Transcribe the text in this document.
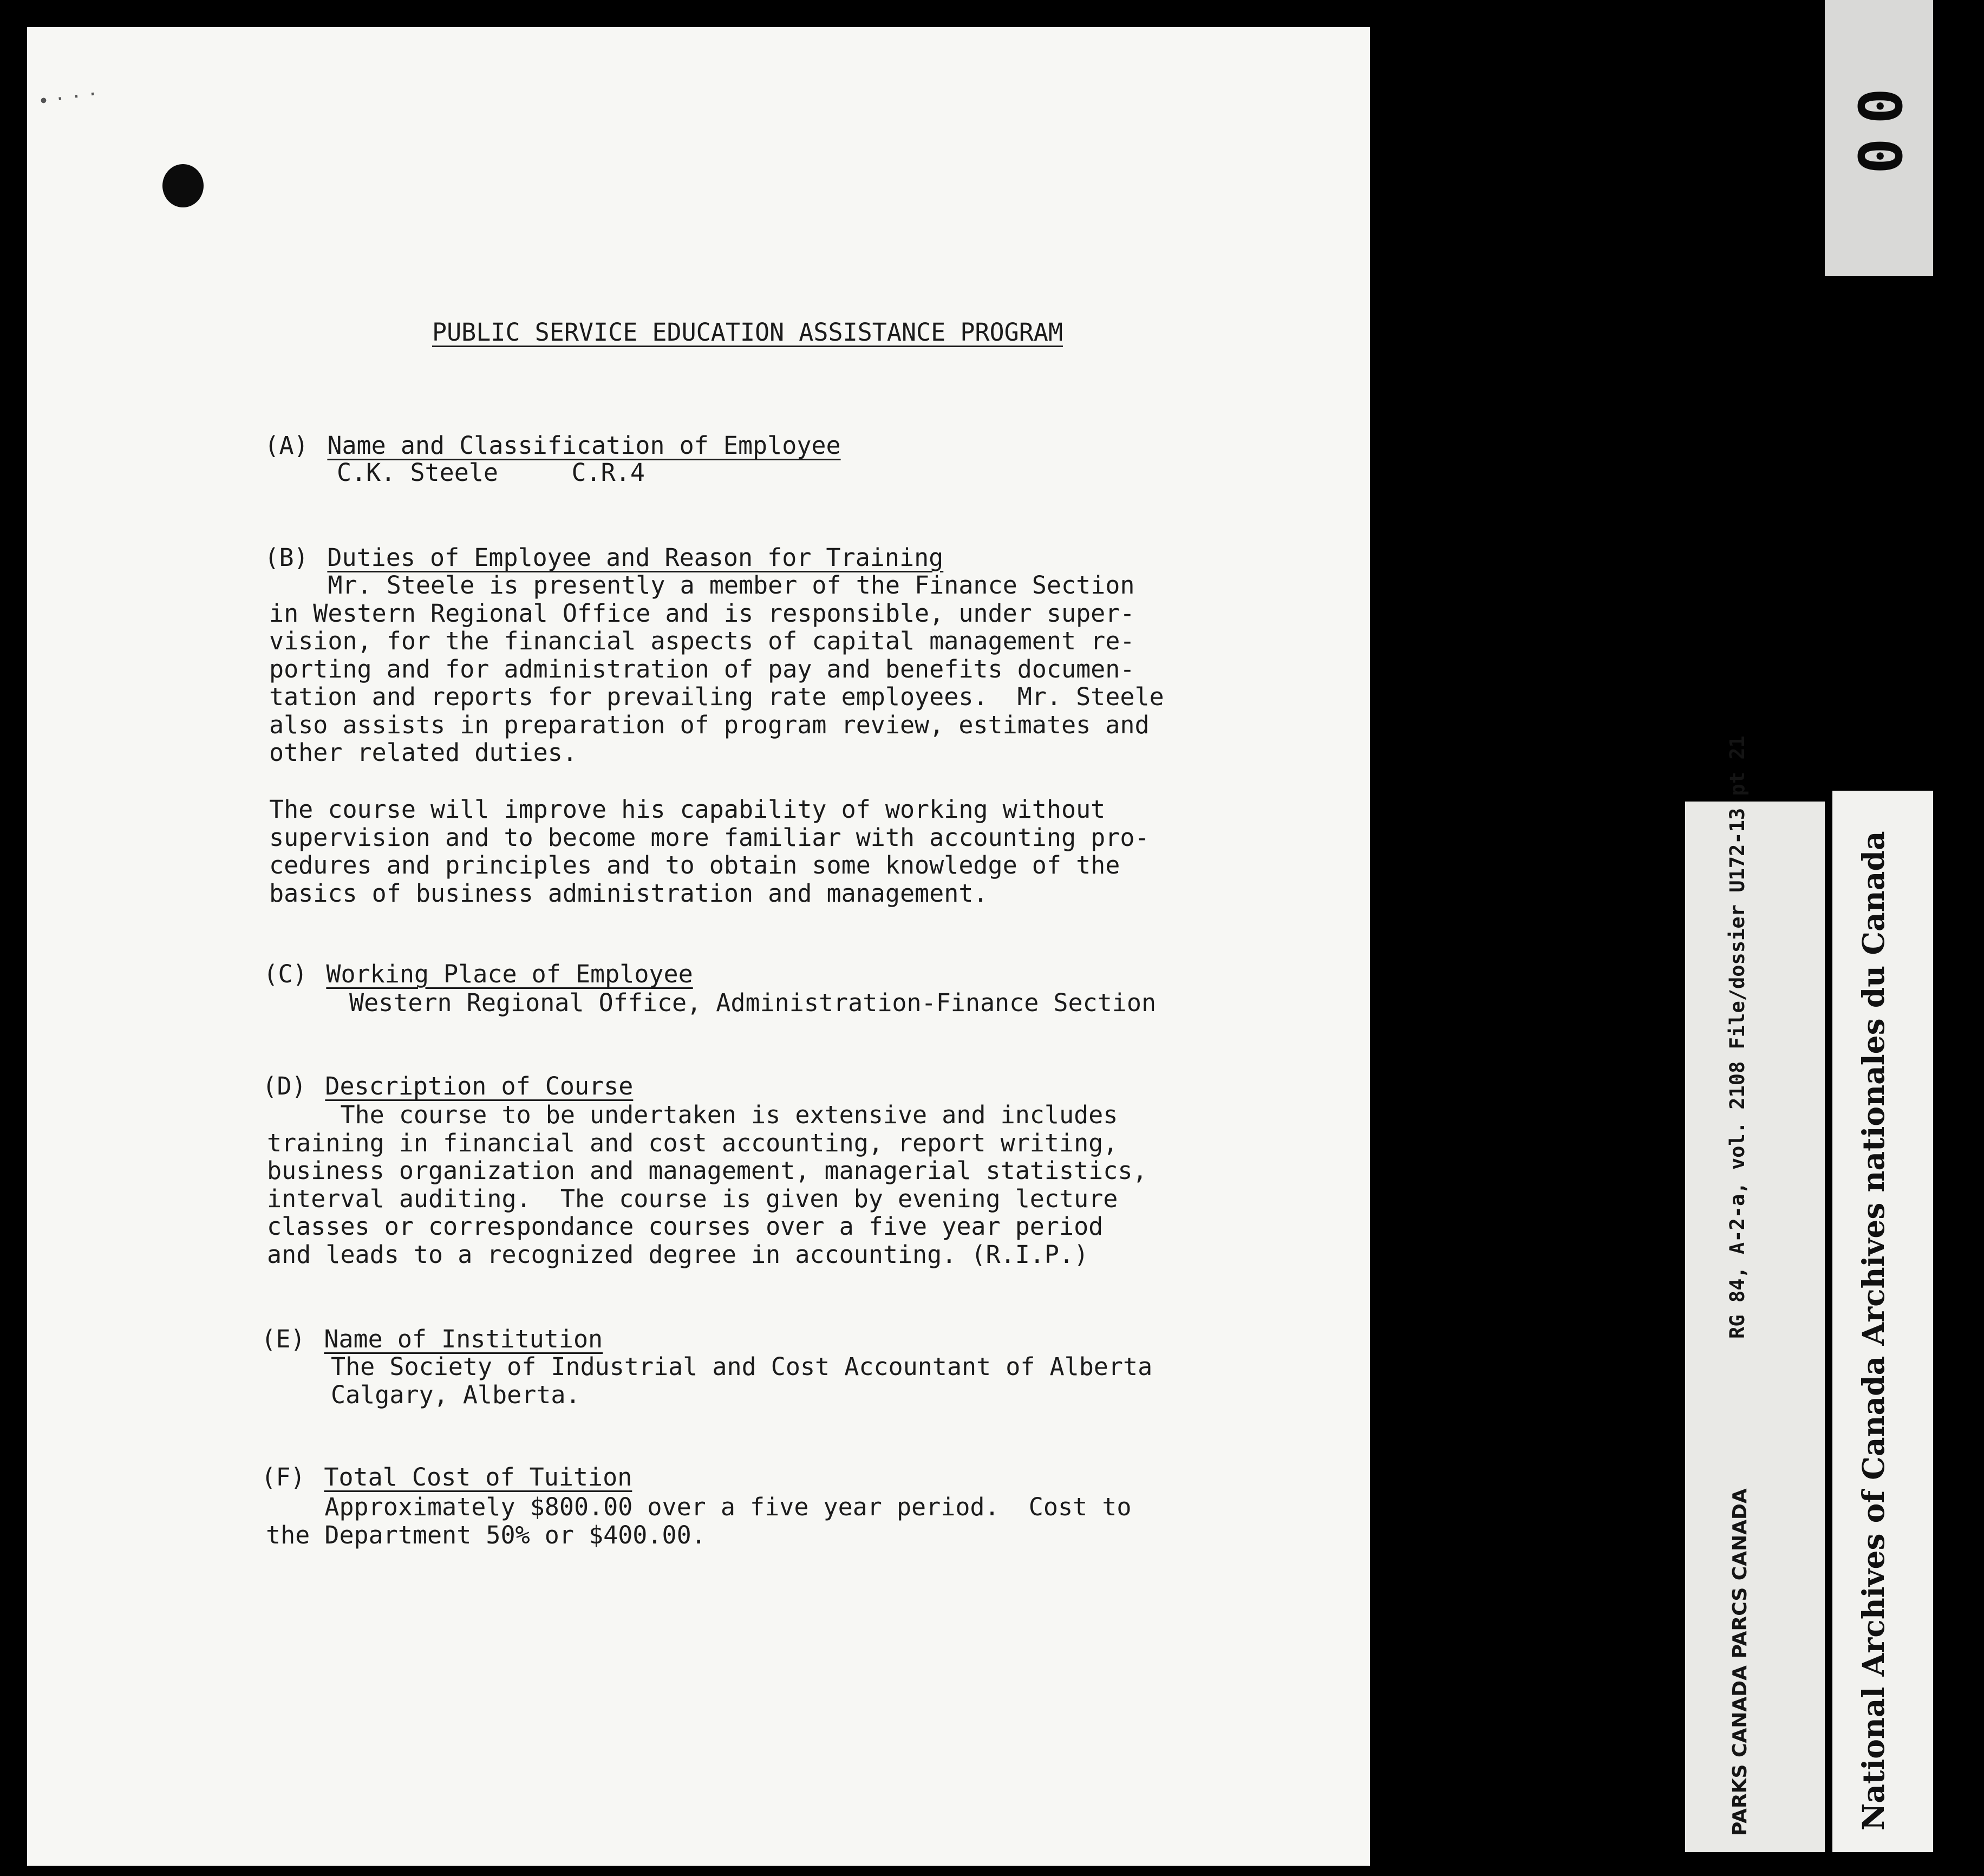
•···

PUBLIC SERVICE EDUCATION ASSISTANCE PROGRAM

(A) Name and Classification of Employee

C.K. Steele     C.R.4

(B) Duties of Employee and Reason for Training

Mr. Steele is presently a member of the Finance Section
in Western Regional Office and is responsible, under super-
vision, for the financial aspects of capital management re-
porting and for administration of pay and benefits documen-
tation and reports for prevailing rate employees.  Mr. Steele
also assists in preparation of program review, estimates and
other related duties.

The course will improve his capability of working without
supervision and to become more familiar with accounting pro-
cedures and principles and to obtain some knowledge of the
basics of business administration and management.

(C) Working Place of Employee

Western Regional Office, Administration-Finance Section

(D) Description of Course

The course to be undertaken is extensive and includes
training in financial and cost accounting, report writing,
business organization and management, managerial statistics,
interval auditing.  The course is given by evening lecture
classes or correspondance courses over a five year period
and leads to a recognized degree in accounting. (R.I.P.)

(E) Name of Institution

The Society of Industrial and Cost Accountant of Alberta
Calgary, Alberta.

(F) Total Cost of Tuition

Approximately $800.00 over a five year period.  Cost to
the Department 50% or $400.00.

00

RG 84, A-2-a, vol. 2108 File/dossier U172-13 pt 21

PARKS CANADA PARCS CANADA	National Archives of Canada Archives nationales du Canada
